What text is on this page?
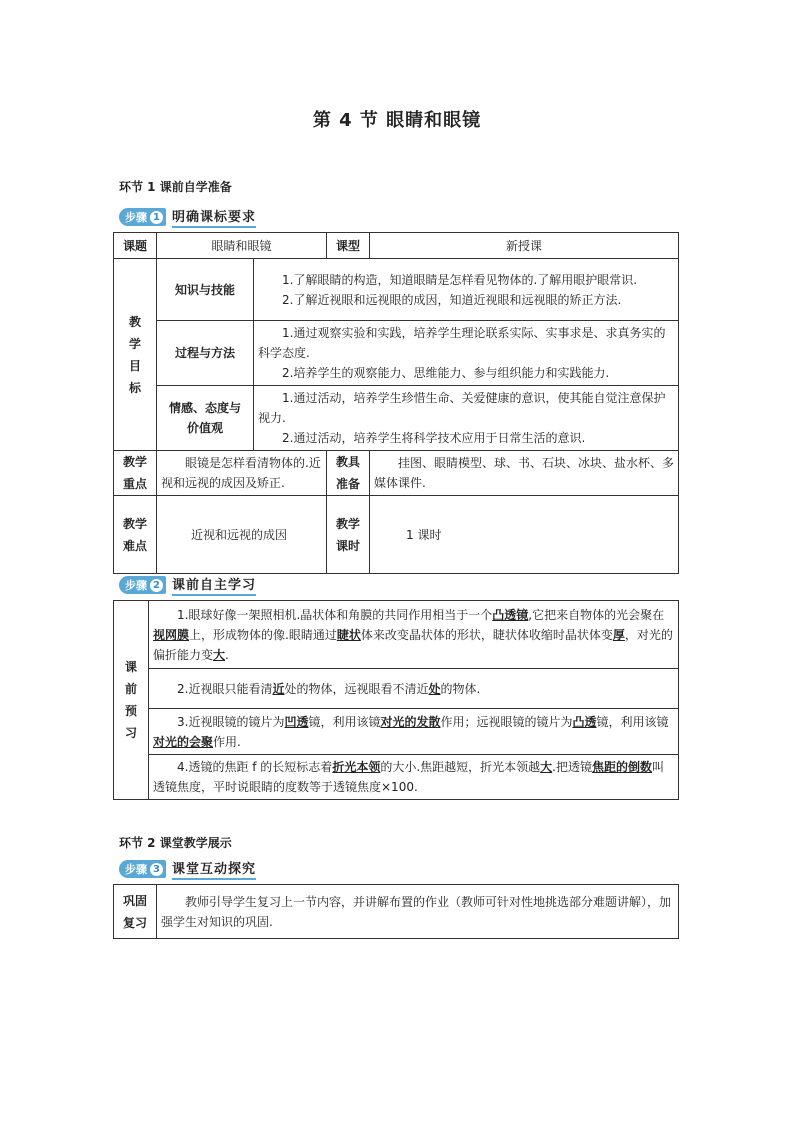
第 4 节 眼睛和眼镜
环节 1 课前自学准备
步骤 1 明确课标要求
课题	眼睛和眼镜		课型	新授课
教学目标	知识与技能	1.了解眼睛的构造，知道眼睛是怎样看见物体的.了解用眼护眼常识.
2.了解近视眼和远视眼的成因，知道近视眼和远视眼的矫正方法.		

	过程与方法	1.通过观察实验和实践，培养学生理论联系实际、实事求是、求真务实的科学态度.
2.培养学生的观察能力、思维能力、参与组织能力和实践能力.		

	情感、态度与价值观	1.通过活动，培养学生珍惜生命、关爱健康的意识，使其能自觉注意保护视力.
2.通过活动，培养学生将科学技术应用于日常生活的意识.		

教学重点	眼镜是怎样看清物体的.近视和远视的成因及矫正.		教具准备	挂图、眼睛模型、球、书、石块、冰块、盐水杯、多媒体课件.
教学难点	近视和远视的成因		教学课时	1 课时
步骤 2 课前自主学习
课前预习	1.眼球好像一架照相机.晶状体和角膜的共同作用相当于一个凸透镜,它把来自物体的光会聚在视网膜上，形成物体的像.眼睛通过睫状体来改变晶状体的形状，睫状体收缩时晶状体变厚，对光的偏折能力变大.
2.近视眼只能看清近处的物体，远视眼看不清近处的物体.
3.近视眼镜的镜片为凹透镜，利用该镜对光的发散作用；远视眼镜的镜片为凸透镜，利用该镜对光的会聚作用.
4.透镜的焦距 f 的长短标志着折光本领的大小.焦距越短，折光本领越大.把透镜焦距的倒数叫透镜焦度，平时说眼睛的度数等于透镜焦度×100.
环节 2 课堂教学展示
步骤 3 课堂互动探究
巩固复习	教师引导学生复习上一节内容，并讲解布置的作业（教师可针对性地挑选部分难题讲解），加强学生对知识的巩固.
